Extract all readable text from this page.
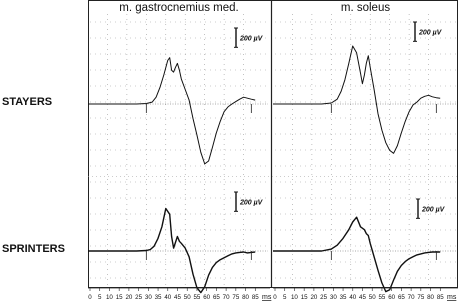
m. gastrocnemius med.	m. soleus
STAYERS
SPRINTERS
200 µV
200 µV
200 µV
200 µV
0 5 10 15 20 25 30 35 40 45 50 55 60 65 70 75 80 85 ms 0 5 10 15 20 25 30 35 40 45 50 55 60 65 70 75 80 85 ms
